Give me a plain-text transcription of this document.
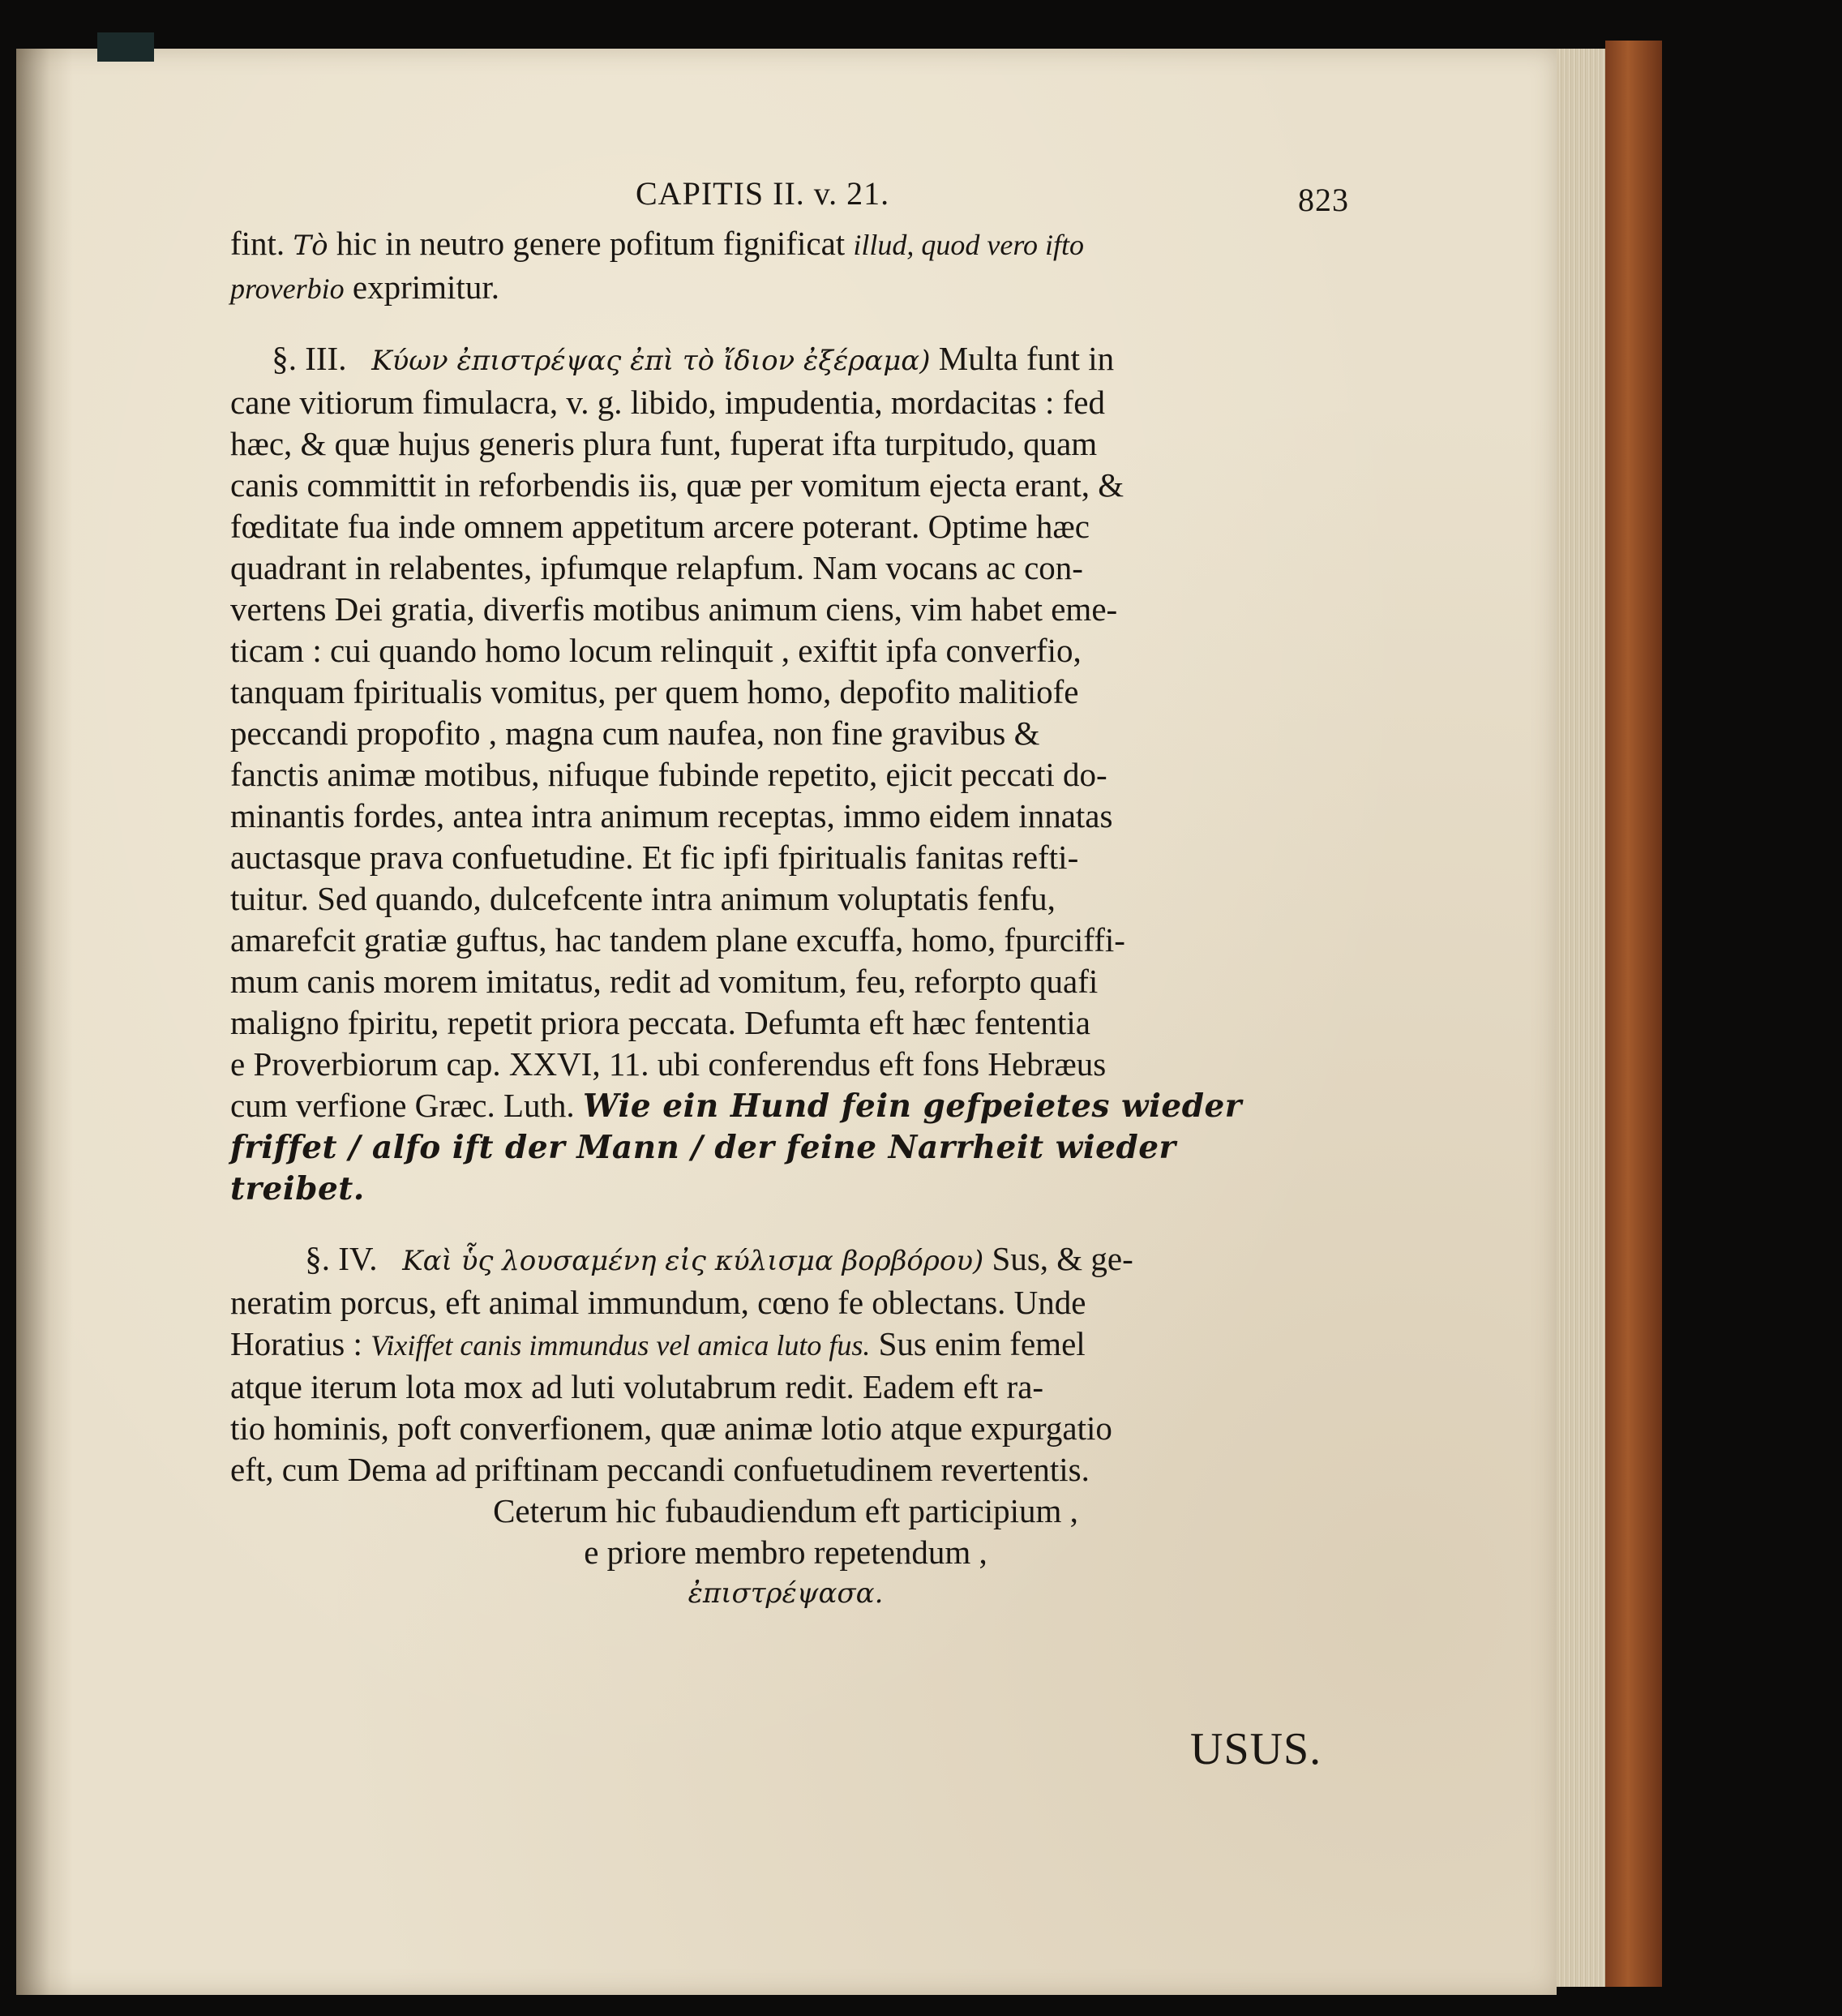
CAPITIS II. v. 21.	823

fint. Τὸ hic in neutro genere pofitum fignificat illud, quod vero ifto
proverbio exprimitur.

§. III. Κύων ἐπιστρέψας ἐπὶ τὸ ἴδιον ἐξέραμα) Multa funt in
cane vitiorum fimulacra, v. g. libido, impudentia, mordacitas : fed
hæc, & quæ hujus generis plura funt, fuperat ifta turpitudo, quam
canis committit in reforbendis iis, quæ per vomitum ejecta erant, &
fœditate fua inde omnem appetitum arcere poterant. Optime hæc
quadrant in relabentes, ipfumque relapfum. Nam vocans ac con-
vertens Dei gratia, diverfis motibus animum ciens, vim habet eme-
ticam : cui quando homo locum relinquit , exiftit ipfa converfio,
tanquam fpiritualis vomitus, per quem homo, depofito malitiofe
peccandi propofito , magna cum naufea, non fine gravibus &
fanctis animæ motibus, nifuque fubinde repetito, ejicit peccati do-
minantis fordes, antea intra animum receptas, immo eidem innatas
auctasque prava confuetudine. Et fic ipfi fpiritualis fanitas refti-
tuitur. Sed quando, dulcefcente intra animum voluptatis fenfu,
amarefcit gratiæ guftus, hac tandem plane excuffa, homo, fpurciffi-
mum canis morem imitatus, redit ad vomitum, feu, reforpto quafi
maligno fpiritu, repetit priora peccata. Defumta eft hæc fententia
e Proverbiorum cap. XXVI, 11. ubi conferendus eft fons Hebræus
cum verfione Græc. Luth. Wie ein Hund fein gefpeietes wieder
friffet / alfo ift der Mann / der feine Narrheit wieder
treibet.

§. IV. Καὶ ὗς λουσαμένη εἰς κύλισμα βορβόρου) Sus, & ge-
neratim porcus, eft animal immundum, cœno fe oblectans. Unde
Horatius : Vixiffet canis immundus vel amica luto fus. Sus enim femel
atque iterum lota mox ad luti volutabrum redit. Eadem eft ra-
tio hominis, poft converfionem, quæ animæ lotio atque expurgatio
eft, cum Dema ad priftinam peccandi confuetudinem revertentis.
Ceterum hic fubaudiendum eft participium ,
e priore membro repetendum ,
ἐπιστρέψασα.

USUS.
